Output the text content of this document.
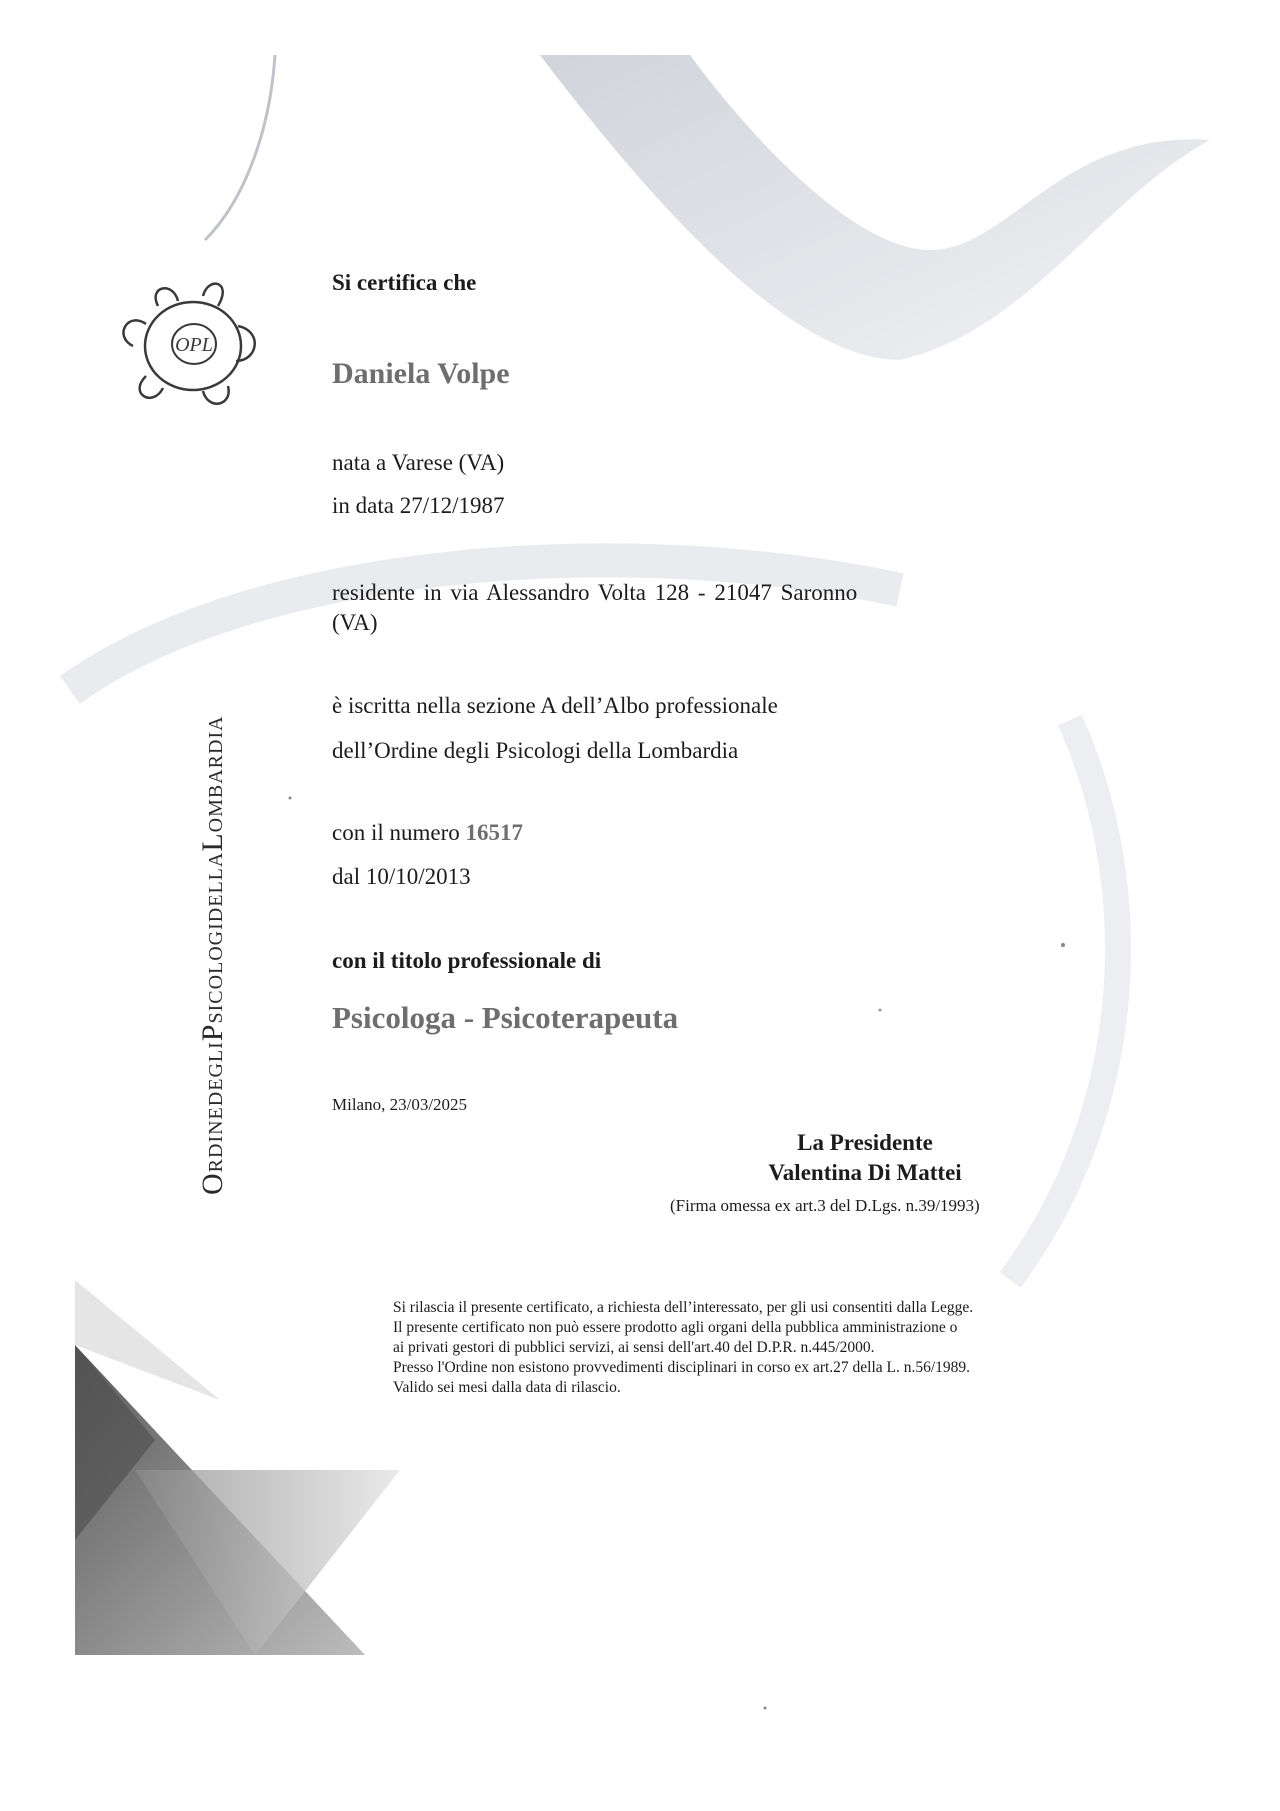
OPL
ORDINEDEGLIPSICOLOGIDELLALOMBARDIA

Si certifica che

Daniela Volpe

nata a Varese (VA)

in data 27/12/1987

residente in via Alessandro Volta 128 - 21047 Saronno

(VA)

è iscritta nella sezione A dell’Albo professionale

dell’Ordine degli Psicologi della Lombardia

con il numero 16517

dal 10/10/2013

con il titolo professionale di

Psicologa - Psicoterapeuta

Milano, 23/03/2025

La Presidente

Valentina Di Mattei

(Firma omessa ex art.3 del D.Lgs. n.39/1993)

Si rilascia il presente certificato, a richiesta dell’interessato, per gli usi consentiti dalla Legge.
Il presente certificato non può essere prodotto agli organi della pubblica amministrazione o
ai privati gestori di pubblici servizi, ai sensi dell'art.40 del D.P.R. n.445/2000.
Presso l'Ordine non esistono provvedimenti disciplinari in corso ex art.27 della L. n.56/1989.
Valido sei mesi dalla data di rilascio.
